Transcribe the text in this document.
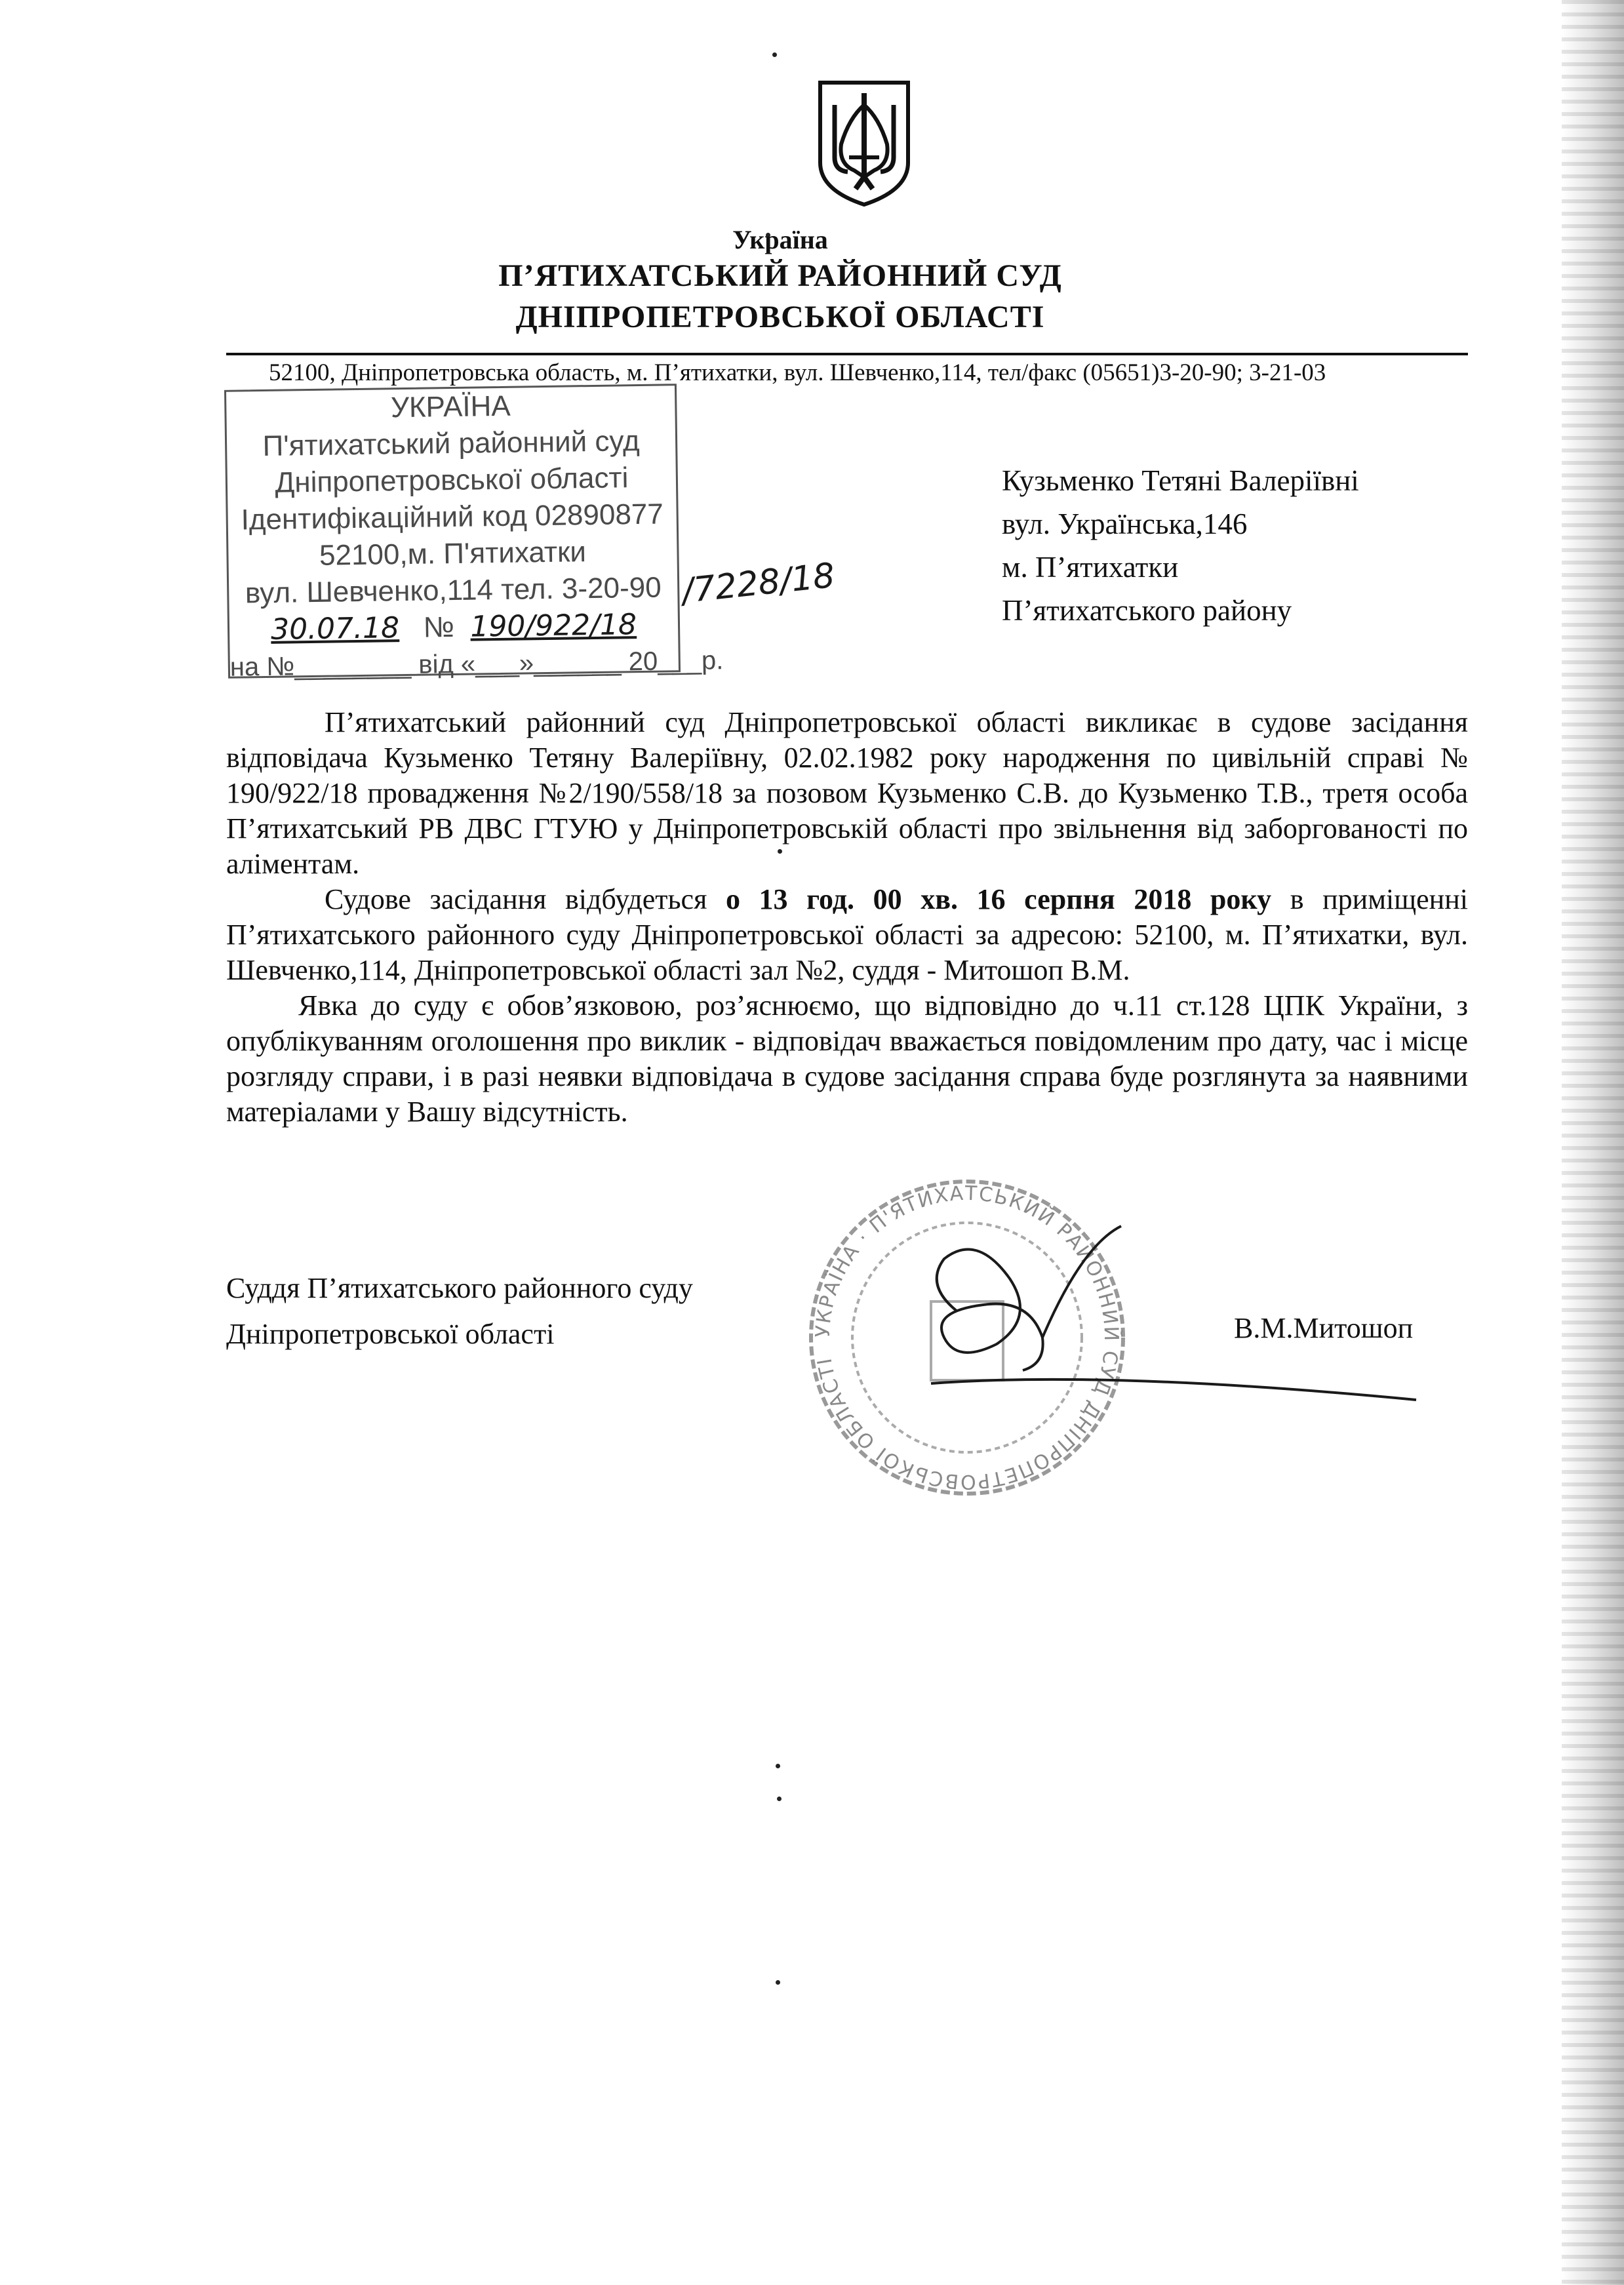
Україна
П’ЯТИХАТСЬКИЙ РАЙОННИЙ СУД
ДНІПРОПЕТРОВСЬКОЇ ОБЛАСТІ
52100, Дніпропетровська область, м. П’ятихатки, вул. Шевченко,114, тел/факс (05651)3-20-90; 3-21-03
УКРАЇНА
П'ятихатський районний суд
Дніпропетровської області
Ідентифікаційний код 02890877
52100,м. П'ятихатки
вул. Шевченко,114 тел. 3-20-90
30.07.18 № 190/922/18
на №________ від «___»______ 20___р.
/7228/18
Кузьменко Тетяні Валеріївні
вул. Українська,146
м. П’ятихатки
П’ятихатського району

П’ятихатський районний суд Дніпропетровської області викликає в судове засідання відповідача Кузьменко Тетяну Валеріївну, 02.02.1982 року народження по цивільній справі № 190/922/18 провадження №2/190/558/18 за позовом Кузьменко С.В. до Кузьменко Т.В., третя особа П’ятихатський РВ ДВС ГТУЮ у Дніпропетровській області про звільнення від заборгованості по аліментам.

Судове засідання відбудеться о 13 год. 00 хв. 16 серпня 2018 року в приміщенні П’ятихатського районного суду Дніпропетровської області за адресою: 52100, м. П’ятихатки, вул. Шевченко,114, Дніпропетровської області зал №2, суддя - Митошоп В.М.

Явка до суду є обов’язковою, роз’яснюємо, що відповідно до ч.11 ст.128 ЦПК України, з опублікуванням оголошення про виклик - відповідач вважається повідомленим про дату, час і місце розгляду справи, і в разі неявки відповідача в судове засідання справа буде розглянута за наявними матеріалами у Вашу відсутність.

УКРАЇНА · П'ЯТИХАТСЬКИЙ РАЙОННИЙ СУД ДНІПРОПЕТРОВСЬКОЇ ОБЛАСТІ
Суддя П’ятихатського районного суду
Дніпропетровської області	В.М.Митошоп
